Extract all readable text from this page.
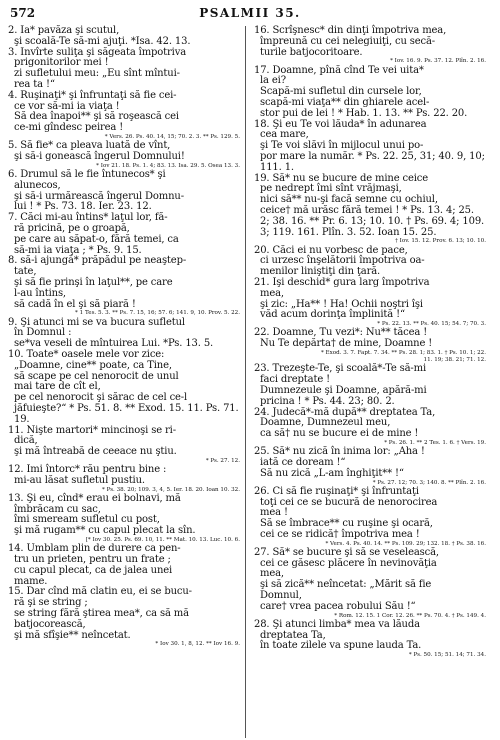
572	PSALMII 35.

2. Ia* pavăza şi scutul,

şi scoală-Te să-mi ajuţi. *Isa. 42. 13.

3. Invîrte suliţa şi săgeata împotriva

prigonitorilor mei !

zi sufletului meu: „Eu sînt mîntui-

rea ta !“

4. Ruşinaţi* şi înfruntaţi să fie cei-

ce vor să-mi ia viaţa !

Să dea înapoi** şi să roşească cei

ce-mi gîndesc peirea !

* Vers. 26. Ps. 40. 14, 15; 70. 2. 3. ** Ps. 129. 5.

5. Să fie* ca pleava luată de vînt,

şi să-i gonească îngerul Domnului!

* Iov 21. 18. Ps. 1. 4; 83. 13. Isa. 29. 5. Osea 13. 3.

6. Drumul să le fie întunecos* şi

alunecos,

şi să-i urmărească îngerul Domnu-

lui ! * Ps. 73. 18. Ier. 23. 12.

7. Căci mi-au întins* laţul lor, fă-

ră pricină, pe o groapă,

pe care au săpat-o, fără temei, ca

să-mi ia viaţa ; * Ps. 9. 15.

8. să-i ajungă* prăpădul pe neaştep-

tate,

şi să fie prinşi în laţul**, pe care

l-au întins,

să cadă în el şi să piară !

* 1 Tes. 5. 3. ** Ps. 7. 15, 16; 57. 6; 141. 9, 10. Prov. 5. 22.

9. Şi atunci mi se va bucura sufletul

în Domnul :

se*va veseli de mîntuirea Lui. *Ps. 13. 5.

10. Toate* oasele mele vor zice:

„Doamne, cine** poate, ca Tine,

să scape pe cel nenorocit de unul

mai tare de cît el,

pe cel nenorocit şi sărac de cel ce-l

jăfuieşte?“ * Ps. 51. 8. ** Exod. 15. 11. Ps. 71. 19.

11. Nişte martori* mincinoşi se ri-

dică,

şi mă întreabă de ceeace nu ştiu.

* Ps. 27. 12.

12. Imi întorc* rău pentru bine :

mi-au lăsat sufletul pustiu.

* Ps. 38. 20; 109. 3, 4, 5. Ier. 18. 20. Ioan 10. 32.

13. Şi eu, cînd* erau ei bolnavi, mă

îmbrăcam cu sac,

îmi smeream sufletul cu post,

şi mă rugam** cu capul plecat la sîn.

[* Iov 30. 25. Ps. 69. 10, 11. ** Mat. 10. 13. Luc. 10. 6.

14. Umblam plin de durere ca pen-

tru un prieten, pentru un frate ;

cu capul plecat, ca de jalea unei

mame.

15. Dar cînd mă clatin eu, ei se bucu-

ră şi se string ;

se string fără ştirea mea*, ca să mă

batjocorească,

şi mă sfîşie** neîncetat.

* Iov 30. 1, 8, 12. ** Iov 16. 9.

16. Scrîşnesc* din dinţi împotriva mea,

împreună cu cei nelegiuiţi, cu secă-

turile batjocoritoare.

* Iov. 16. 9. Ps. 37. 12. Plîn. 2. 16.

17. Doamne, pînă cînd Te vei uita*

la ei?

Scapă-mi sufletul din cursele lor,

scapă-mi viaţa** din ghiarele acel-

stor pui de lei ! * Hab. 1. 13. ** Ps. 22. 20.

18. Şi eu Te voi lăuda* în adunarea

cea mare,

şi Te voi slăvi în mijlocul unui po-

por mare la număr. * Ps. 22. 25, 31; 40. 9, 10; 111. 1.

19. Să* nu se bucure de mine ceice

pe nedrept îmi sînt vrăjmaşi,

nici să** nu-şi facă semne cu ochiul,

ceice† mă urăsc fără temei ! * Ps. 13. 4; 25.

2; 38. 16. ** Pr. 6. 13; 10. 10. † Ps. 69. 4; 109. 3; 119. 161. Plîn. 3. 52. Ioan 15. 25.

† Iov. 15. 12. Prov. 6. 13; 10. 10.

20. Căci ei nu vorbesc de pace,

ci urzesc înşelătorii împotriva oa-

menilor liniştiţi din ţară.

21. Işi deschid* gura larg împotriva

mea,

şi zic: „Ha** ! Ha! Ochii noştri îşi

văd acum dorinţa împlinită !“

* Ps. 22. 13. ** Ps. 40. 15; 54. 7; 70. 3.

22. Doamne, Tu vezi*: Nu** tăcea !

Nu Te depărta† de mine, Doamne !

* Exod. 3. 7. Fapt. 7. 34. ** Ps. 28. 1; 83. 1. † Ps. 10. 1; 22.

11. 19; 38. 21; 71. 12.

23. Trezeşte-Te, şi scoală*-Te să-mi

faci dreptate !

Dumnezeule şi Doamne, apără-mi

pricina ! * Ps. 44. 23; 80. 2.

24. Judecă*-mă după** dreptatea Ta,

Doamne, Dumnezeul meu,

ca să† nu se bucure ei de mine !

* Ps. 26. 1. ** 2 Tes. 1. 6. † Vers. 19.

25. Să* nu zică în inima lor: „Aha !

iată ce doream !“

Să nu zică „L-am înghiţit** !“

* Ps. 27. 12; 70. 3; 140. 8. ** Plîn. 2. 16.

26. Ci să fie ruşinaţi* şi înfruntaţi

toţi cei ce se bucură de nenorocirea

mea !

Să se îmbrace** cu ruşine şi ocară,

cei ce se ridică† împotriva mea !

* Vers. 4. Ps. 40. 14. ** Ps. 109. 29; 132. 18. † Ps. 38. 16.

27. Să* se bucure şi să se veselească,

cei ce găsesc plăcere în nevinovăţia

mea,

şi să zică** neîncetat: „Mărit să fie

Domnul,

care† vrea pacea robului Său !“

* Rom. 12. 15. 1 Cor. 12. 26. ** Ps. 70. 4. † Ps. 149. 4.

28. Şi atunci limba* mea va lăuda

dreptatea Ta,

în toate zilele va spune lauda Ta.

* Ps. 50. 15; 51. 14; 71. 34.
